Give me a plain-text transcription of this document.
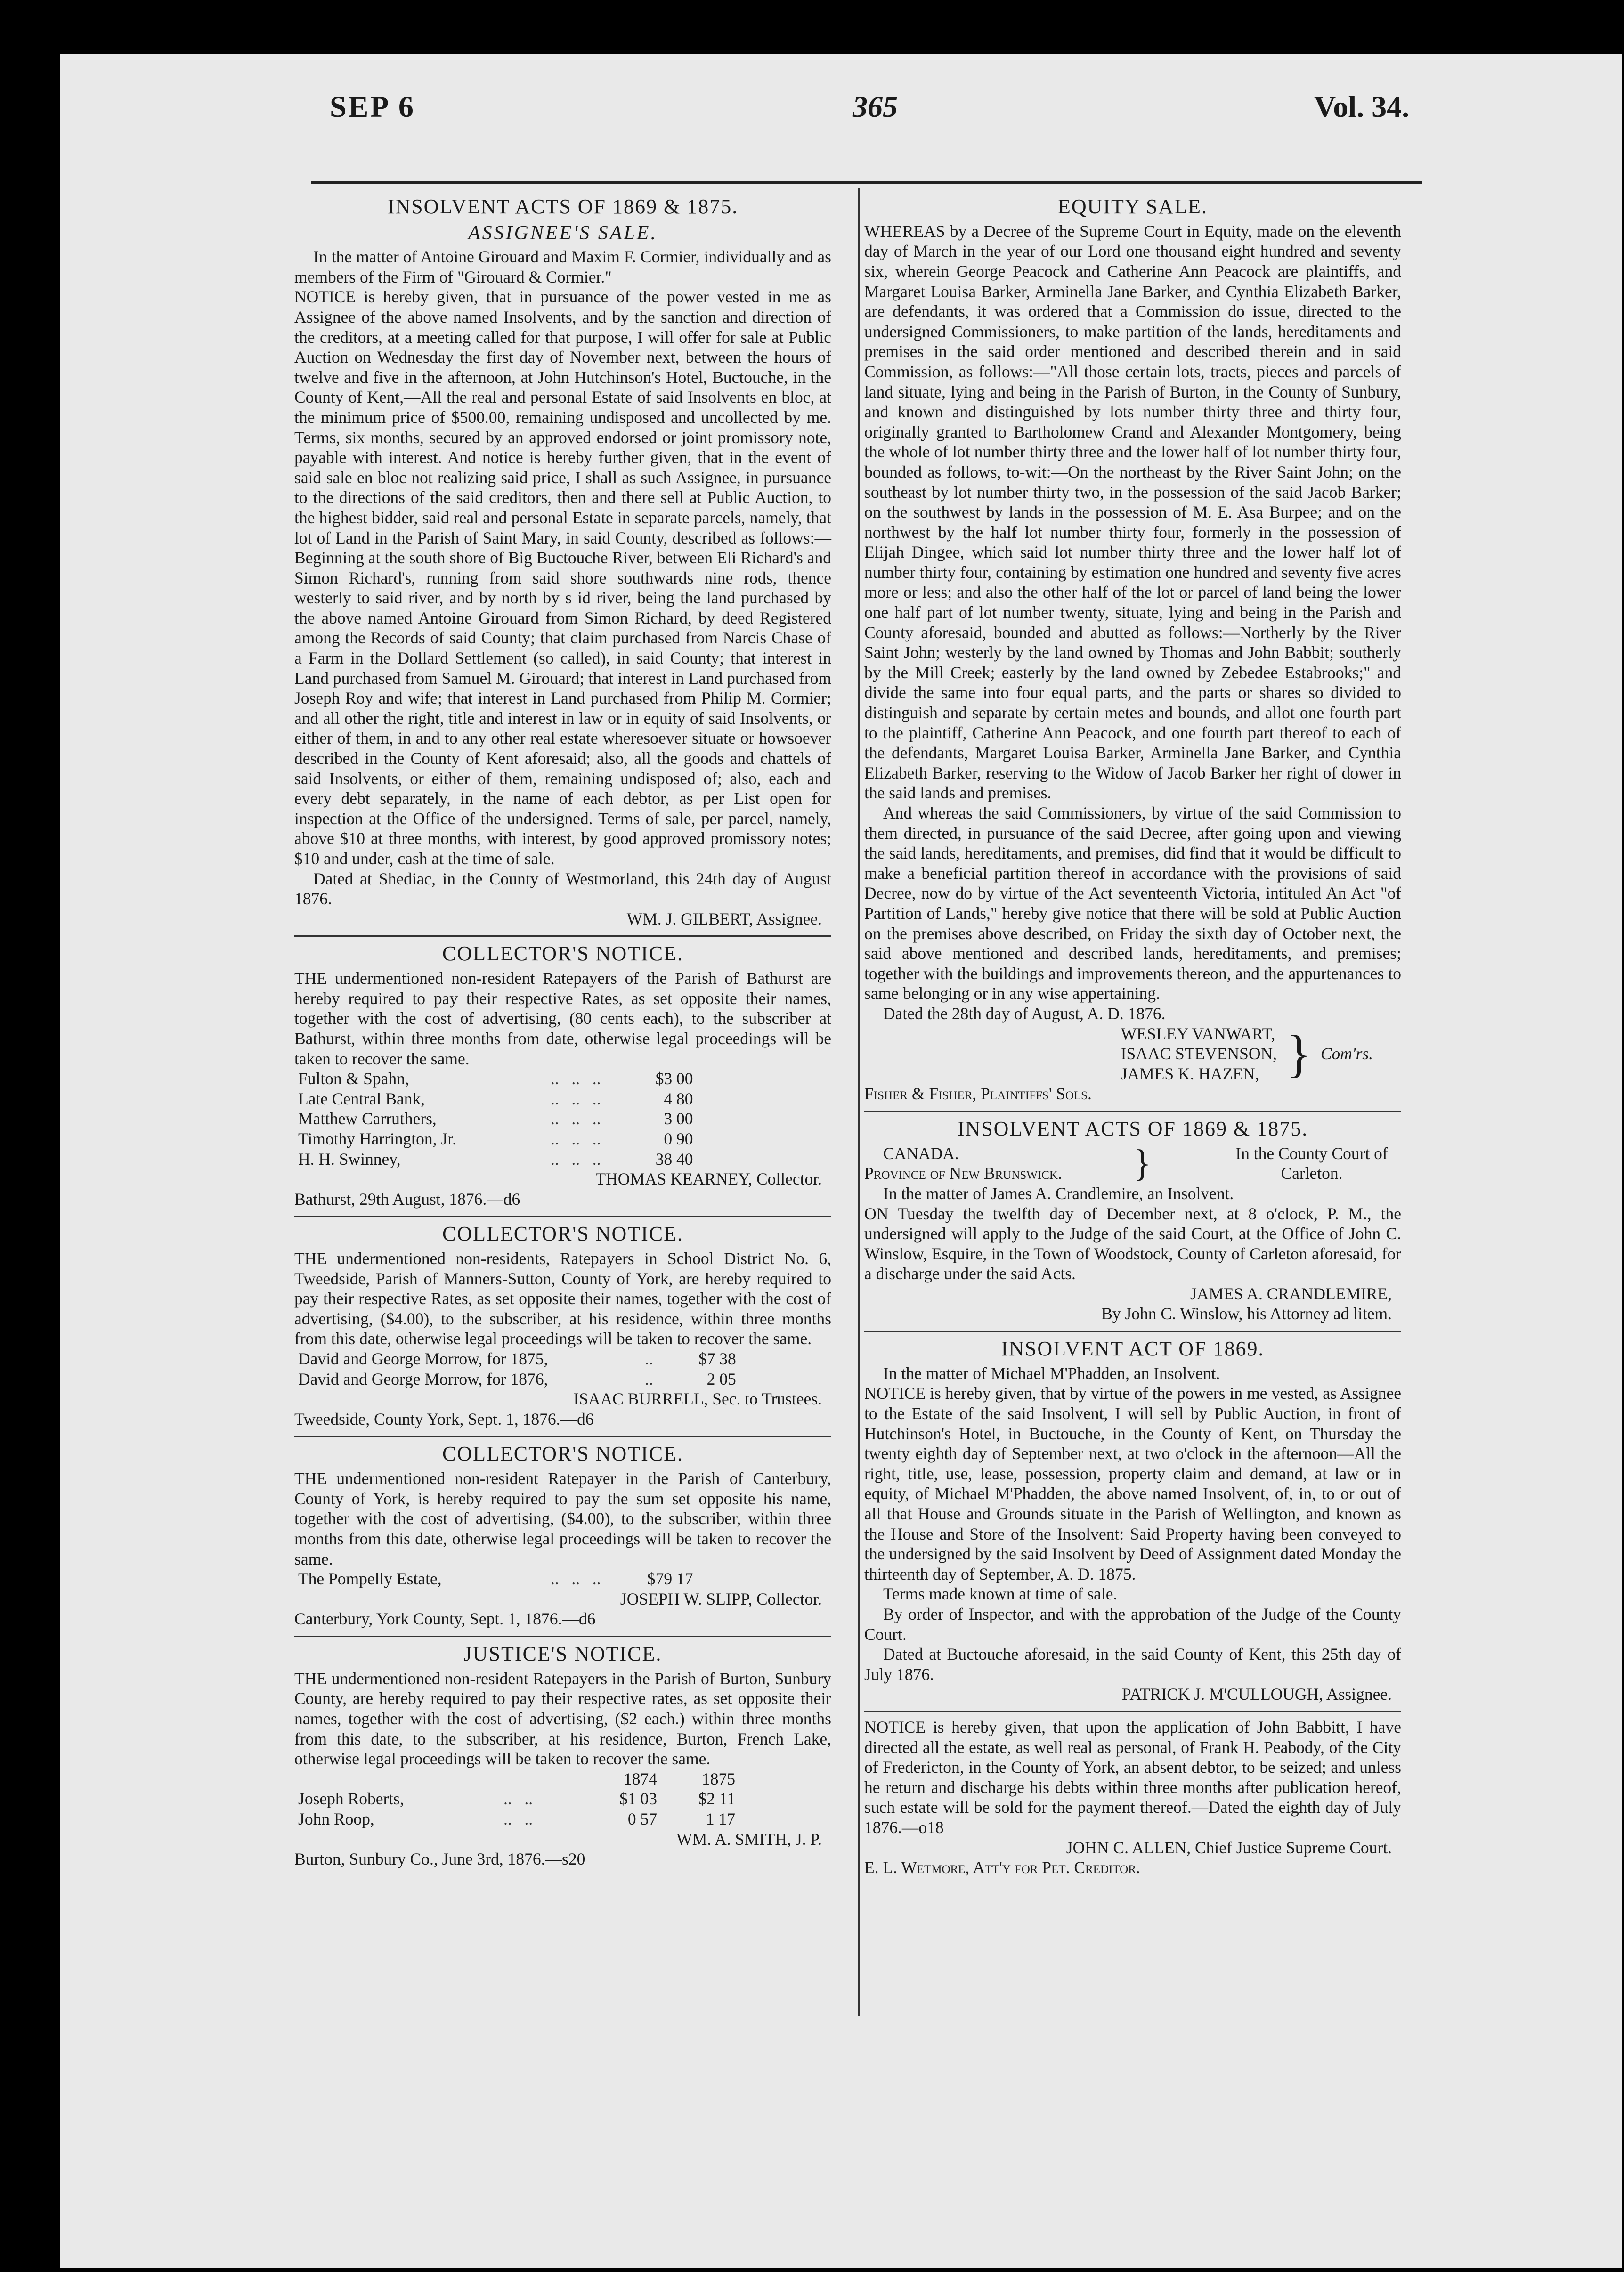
SEP 6	365	Vol. 34.
INSOLVENT ACTS OF 1869 & 1875.
ASSIGNEE'S SALE.

In the matter of Antoine Girouard and Maxim F. Cormier, individually and as members of the Firm of "Girouard & Cormier."

NOTICE is hereby given, that in pursuance of the power vested in me as Assignee of the above named Insolvents, and by the sanction and direction of the creditors, at a meeting called for that purpose, I will offer for sale at Public Auction on Wednesday the first day of November next, between the hours of twelve and five in the afternoon, at John Hutchinson's Hotel, Buctouche, in the County of Kent,—All the real and personal Estate of said Insolvents en bloc, at the minimum price of $500.00, remaining undisposed and uncollected by me. Terms, six months, secured by an approved endorsed or joint promissory note, payable with interest. And notice is hereby further given, that in the event of said sale en bloc not realizing said price, I shall as such Assignee, in pursuance to the directions of the said creditors, then and there sell at Public Auction, to the highest bidder, said real and personal Estate in separate parcels, namely, that lot of Land in the Parish of Saint Mary, in said County, described as follows:—Beginning at the south shore of Big Buctouche River, between Eli Richard's and Simon Richard's, running from said shore southwards nine rods, thence westerly to said river, and by north by s id river, being the land purchased by the above named Antoine Girouard from Simon Richard, by deed Registered among the Records of said County; that claim purchased from Narcis Chase of a Farm in the Dollard Settlement (so called), in said County; that interest in Land purchased from Samuel M. Girouard; that interest in Land purchased from Joseph Roy and wife; that interest in Land purchased from Philip M. Cormier; and all other the right, title and interest in law or in equity of said Insolvents, or either of them, in and to any other real estate wheresoever situate or howsoever described in the County of Kent aforesaid; also, all the goods and chattels of said Insolvents, or either of them, remaining undisposed of; also, each and every debt separately, in the name of each debtor, as per List open for inspection at the Office of the undersigned. Terms of sale, per parcel, namely, above $10 at three months, with interest, by good approved promissory notes; $10 and under, cash at the time of sale.

Dated at Shediac, in the County of Westmorland, this 24th day of August 1876.

WM. J. GILBERT, Assignee.
COLLECTOR'S NOTICE.

THE undermentioned non-resident Ratepayers of the Parish of Bathurst are hereby required to pay their respective Rates, as set opposite their names, together with the cost of advertising, (80 cents each), to the subscriber at Bathurst, within three months from date, otherwise legal proceedings will be taken to recover the same.

Fulton & Spahn,	..   ..   ..	$3 00
Late Central Bank,	..   ..   ..	4 80
Matthew Carruthers,	..   ..   ..	3 00
Timothy Harrington, Jr.	..   ..   ..	0 90
H. H. Swinney,	..   ..   ..	38 40
THOMAS KEARNEY, Collector.
Bathurst, 29th August, 1876.—d6
COLLECTOR'S NOTICE.

THE undermentioned non-residents, Ratepayers in School District No. 6, Tweedside, Parish of Manners-Sutton, County of York, are hereby required to pay their respective Rates, as set opposite their names, together with the cost of advertising, ($4.00), to the subscriber, at his residence, within three months from this date, otherwise legal proceedings will be taken to recover the same.

David and George Morrow, for 1875,	..	$7 38
David and George Morrow, for 1876,	..	2 05
ISAAC BURRELL, Sec. to Trustees.
Tweedside, County York, Sept. 1, 1876.—d6
COLLECTOR'S NOTICE.

THE undermentioned non-resident Ratepayer in the Parish of Canterbury, County of York, is hereby required to pay the sum set opposite his name, together with the cost of advertising, ($4.00), to the subscriber, within three months from this date, otherwise legal proceedings will be taken to recover the same.

The Pompelly Estate,	..   ..   ..	$79 17
JOSEPH W. SLIPP, Collector.
Canterbury, York County, Sept. 1, 1876.—d6
JUSTICE'S NOTICE.

THE undermentioned non-resident Ratepayers in the Parish of Burton, Sunbury County, are hereby required to pay their respective rates, as set opposite their names, together with the cost of advertising, ($2 each.) within three months from this date, to the subscriber, at his residence, Burton, French Lake, otherwise legal proceedings will be taken to recover the same.

		1874	1875
Joseph Roberts,	..   ..	$1 03	$2 11
John Roop,	..   ..	0 57	1 17
WM. A. SMITH, J. P.
Burton, Sunbury Co., June 3rd, 1876.—s20
EQUITY SALE.

WHEREAS by a Decree of the Supreme Court in Equity, made on the eleventh day of March in the year of our Lord one thousand eight hundred and seventy six, wherein George Peacock and Catherine Ann Peacock are plaintiffs, and Margaret Louisa Barker, Arminella Jane Barker, and Cynthia Elizabeth Barker, are defendants, it was ordered that a Commission do issue, directed to the undersigned Commissioners, to make partition of the lands, hereditaments and premises in the said order mentioned and described therein and in said Commission, as follows:—"All those certain lots, tracts, pieces and parcels of land situate, lying and being in the Parish of Burton, in the County of Sunbury, and known and distinguished by lots number thirty three and thirty four, originally granted to Bartholomew Crand and Alexander Montgomery, being the whole of lot number thirty three and the lower half of lot number thirty four, bounded as follows, to-wit:—On the northeast by the River Saint John; on the southeast by lot number thirty two, in the possession of the said Jacob Barker; on the southwest by lands in the possession of M. E. Asa Burpee; and on the northwest by the half lot number thirty four, formerly in the possession of Elijah Dingee, which said lot number thirty three and the lower half lot of number thirty four, containing by estimation one hundred and seventy five acres more or less; and also the other half of the lot or parcel of land being the lower one half part of lot number twenty, situate, lying and being in the Parish and County aforesaid, bounded and abutted as follows:—Northerly by the River Saint John; westerly by the land owned by Thomas and John Babbit; southerly by the Mill Creek; easterly by the land owned by Zebedee Estabrooks;" and divide the same into four equal parts, and the parts or shares so divided to distinguish and separate by certain metes and bounds, and allot one fourth part to the plaintiff, Catherine Ann Peacock, and one fourth part thereof to each of the defendants, Margaret Louisa Barker, Arminella Jane Barker, and Cynthia Elizabeth Barker, reserving to the Widow of Jacob Barker her right of dower in the said lands and premises.

And whereas the said Commissioners, by virtue of the said Commission to them directed, in pursuance of the said Decree, after going upon and viewing the said lands, hereditaments, and premises, did find that it would be difficult to make a beneficial partition thereof in accordance with the provisions of said Decree, now do by virtue of the Act seventeenth Victoria, intituled An Act "of Partition of Lands," hereby give notice that there will be sold at Public Auction on the premises above described, on Friday the sixth day of October next, the said above mentioned and described lands, hereditaments, and premises; together with the buildings and improvements thereon, and the appurtenances to same belonging or in any wise appertaining.

Dated the 28th day of August, A. D. 1876.

WESLEY VANWART,
ISAAC STEVENSON,
JAMES K. HAZEN, } Com'rs.
Fisher & Fisher, Plaintiffs' Sols.
INSOLVENT ACTS OF 1869 & 1875.
CANADA.
Province of New Brunswick. }	In the County Court of Carleton.

In the matter of James A. Crandlemire, an Insolvent.

ON Tuesday the twelfth day of December next, at 8 o'clock, P. M., the undersigned will apply to the Judge of the said Court, at the Office of John C. Winslow, Esquire, in the Town of Woodstock, County of Carleton aforesaid, for a discharge under the said Acts.

JAMES A. CRANDLEMIRE,
By John C. Winslow, his Attorney ad litem.
INSOLVENT ACT OF 1869.

In the matter of Michael M'Phadden, an Insolvent.

NOTICE is hereby given, that by virtue of the powers in me vested, as Assignee to the Estate of the said Insolvent, I will sell by Public Auction, in front of Hutchinson's Hotel, in Buctouche, in the County of Kent, on Thursday the twenty eighth day of September next, at two o'clock in the afternoon—All the right, title, use, lease, possession, property claim and demand, at law or in equity, of Michael M'Phadden, the above named Insolvent, of, in, to or out of all that House and Grounds situate in the Parish of Wellington, and known as the House and Store of the Insolvent: Said Property having been conveyed to the undersigned by the said Insolvent by Deed of Assignment dated Monday the thirteenth day of September, A. D. 1875.

Terms made known at time of sale.

By order of Inspector, and with the approbation of the Judge of the County Court.

Dated at Buctouche aforesaid, in the said County of Kent, this 25th day of July 1876.

PATRICK J. M'CULLOUGH, Assignee.

NOTICE is hereby given, that upon the application of John Babbitt, I have directed all the estate, as well real as personal, of Frank H. Peabody, of the City of Fredericton, in the County of York, an absent debtor, to be seized; and unless he return and discharge his debts within three months after publication hereof, such estate will be sold for the payment thereof.—Dated the eighth day of July 1876.—o18

JOHN C. ALLEN, Chief Justice Supreme Court.
E. L. Wetmore, Att'y for Pet. Creditor.
